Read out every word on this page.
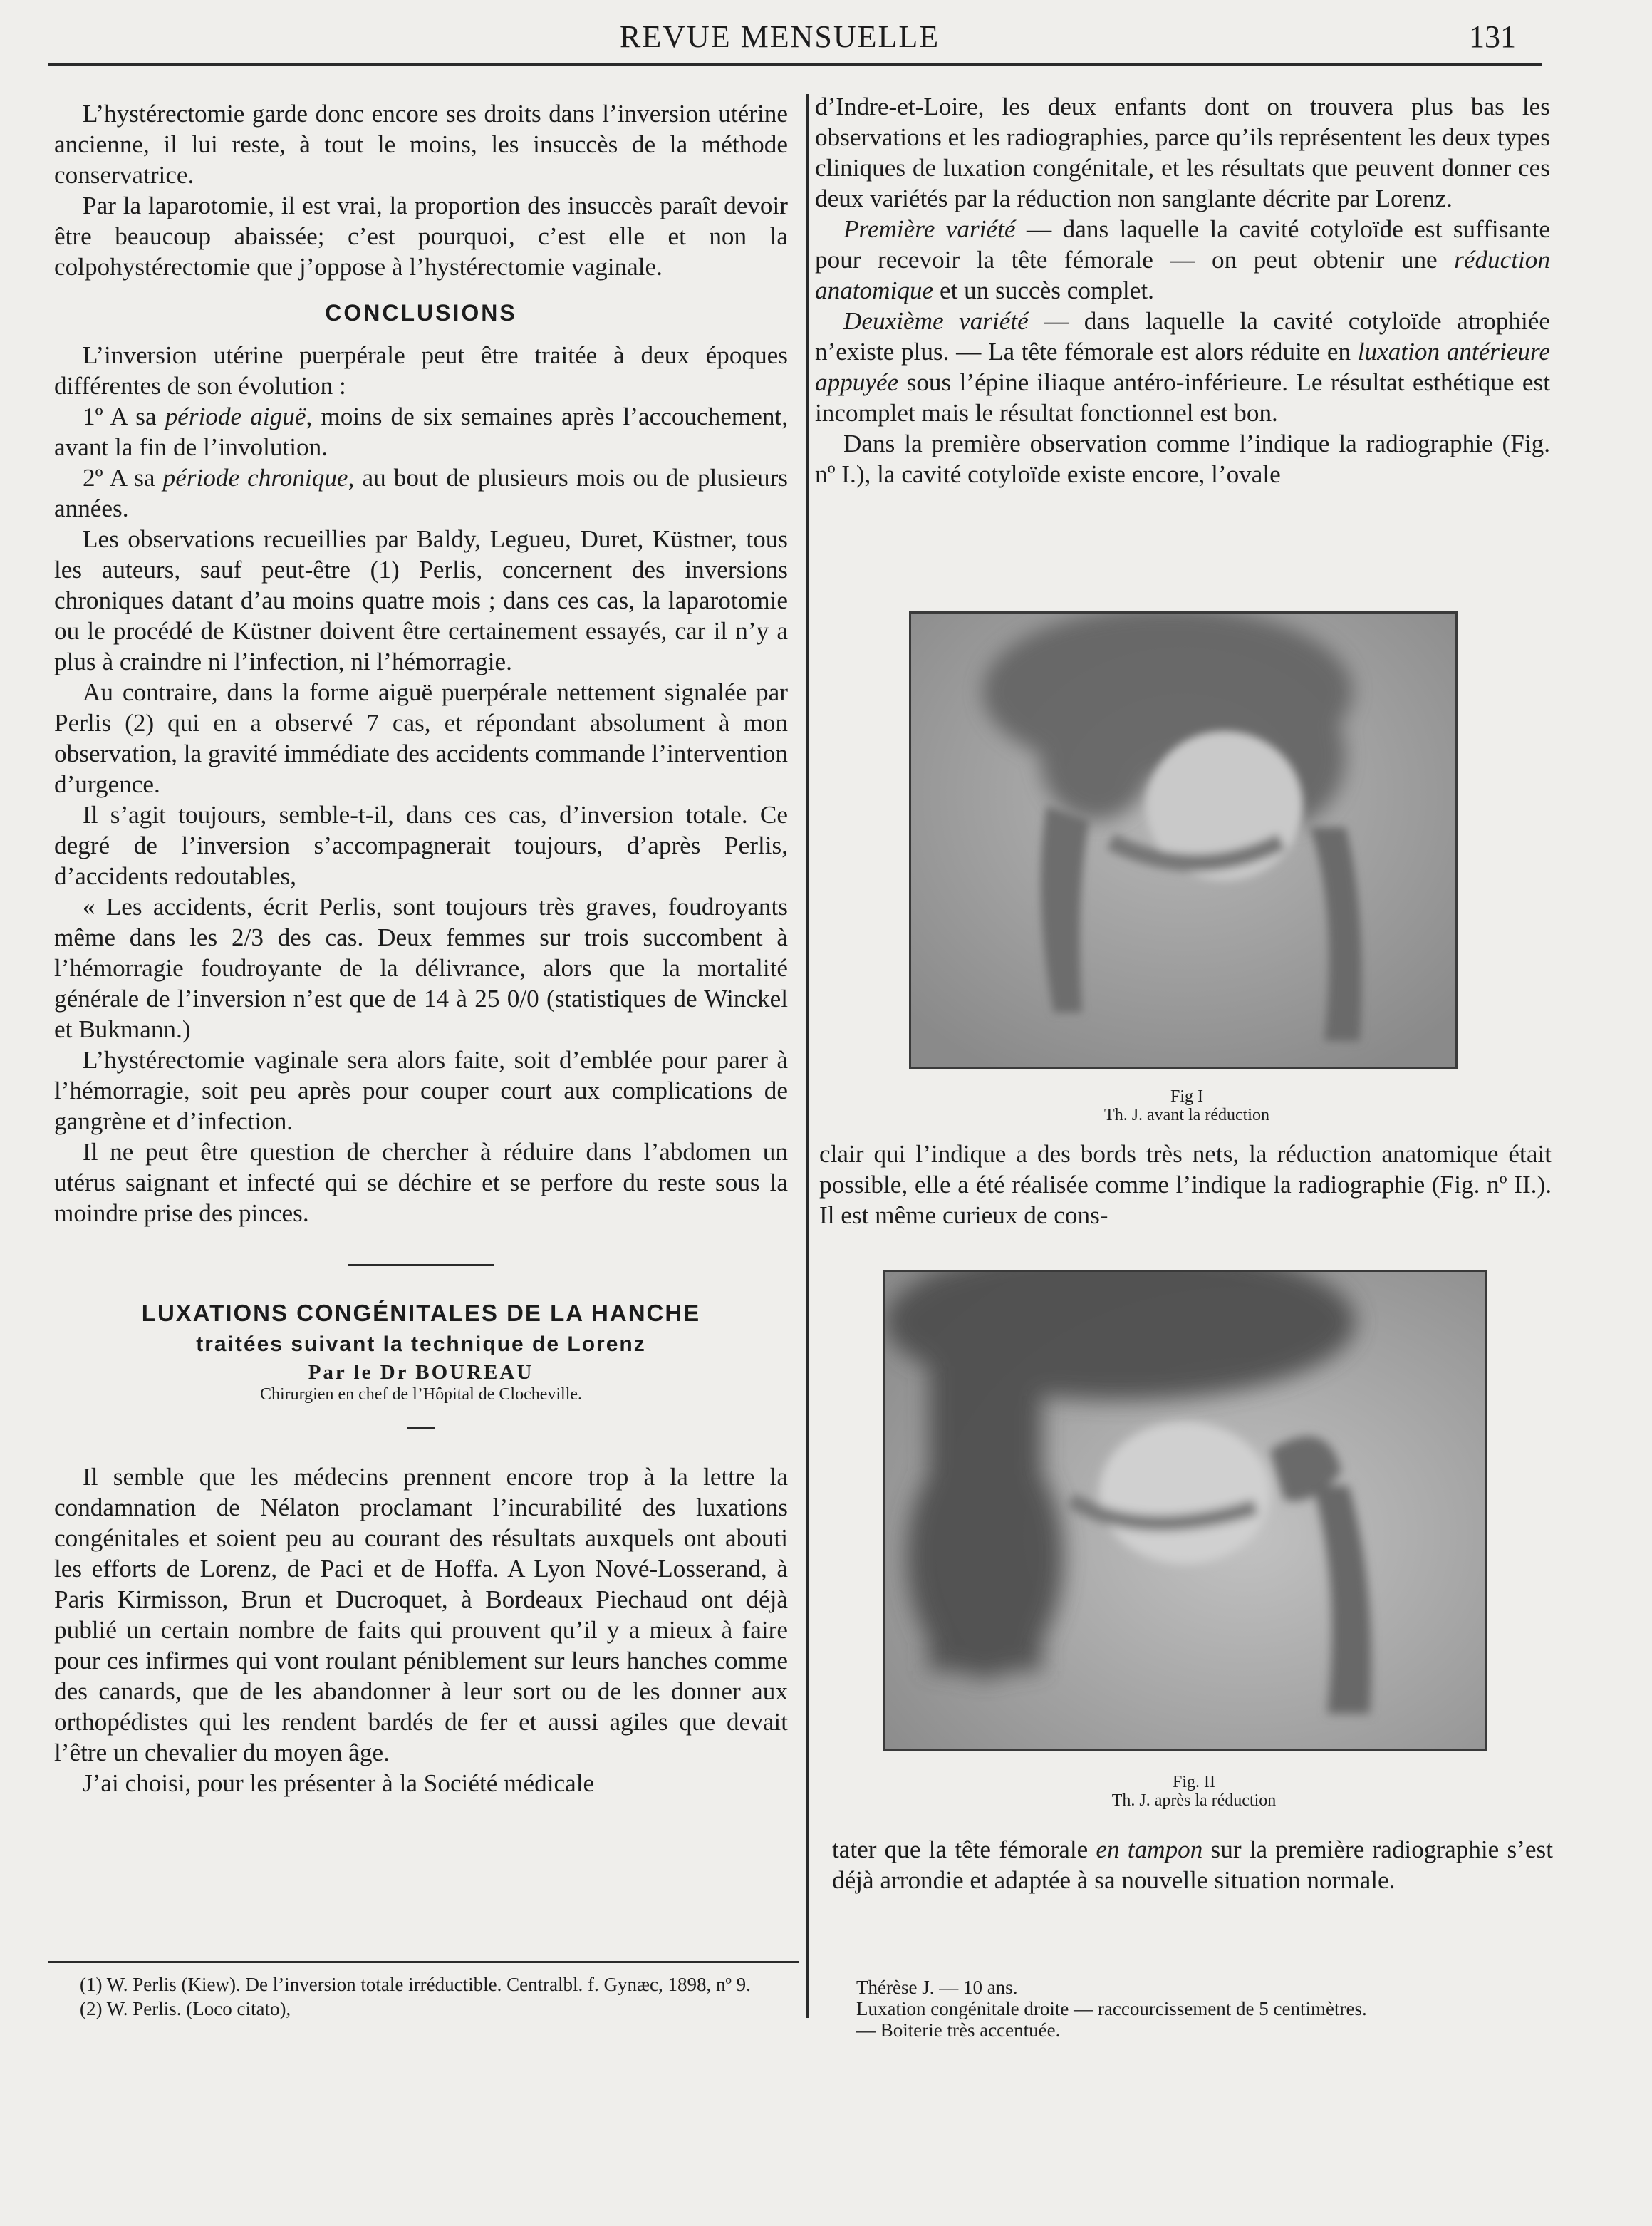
REVUE MENSUELLE	131

L’hystérectomie garde donc encore ses droits dans l’inversion utérine ancienne, il lui reste, à tout le moins, les insuccès de la méthode conservatrice.

Par la laparotomie, il est vrai, la proportion des insuccès paraît devoir être beaucoup abaissée; c’est pourquoi, c’est elle et non la colpohystérectomie que j’oppose à l’hystérectomie vaginale.

CONCLUSIONS

L’inversion utérine puerpérale peut être traitée à deux époques différentes de son évolution :

1º A sa période aiguë, moins de six semaines après l’accouchement, avant la fin de l’involution.

2º A sa période chronique, au bout de plusieurs mois ou de plusieurs années.

Les observations recueillies par Baldy, Legueu, Duret, Küstner, tous les auteurs, sauf peut-être (1) Perlis, concernent des inversions chroniques datant d’au moins quatre mois ; dans ces cas, la laparotomie ou le procédé de Küstner doivent être certainement essayés, car il n’y a plus à craindre ni l’infection, ni l’hémorragie.

Au contraire, dans la forme aiguë puerpérale nettement signalée par Perlis (2) qui en a observé 7 cas, et répondant absolument à mon observation, la gravité immédiate des accidents commande l’intervention d’urgence.

Il s’agit toujours, semble-t-il, dans ces cas, d’inversion totale. Ce degré de l’inversion s’accompagnerait toujours, d’après Perlis, d’accidents redoutables,

« Les accidents, écrit Perlis, sont toujours très graves, foudroyants même dans les 2/3 des cas. Deux femmes sur trois succombent à l’hémorragie foudroyante de la délivrance, alors que la mortalité générale de l’inversion n’est que de 14 à 25 0/0 (statistiques de Winckel et Bukmann.)

L’hystérectomie vaginale sera alors faite, soit d’emblée pour parer à l’hémorragie, soit peu après pour couper court aux complications de gangrène et d’infection.

Il ne peut être question de chercher à réduire dans l’abdomen un utérus saignant et infecté qui se déchire et se perfore du reste sous la moindre prise des pinces.

LUXATIONS CONGÉNITALES DE LA HANCHE
traitées suivant la technique de Lorenz
Par le Dr BOUREAU
Chirurgien en chef de l’Hôpital de Clocheville.

Il semble que les médecins prennent encore trop à la lettre la condamnation de Nélaton proclamant l’incurabilité des luxations congénitales et soient peu au courant des résultats auxquels ont abouti les efforts de Lorenz, de Paci et de Hoffa. A Lyon Nové-Losserand, à Paris Kirmisson, Brun et Ducroquet, à Bordeaux Piechaud ont déjà publié un certain nombre de faits qui prouvent qu’il y a mieux à faire pour ces infirmes qui vont roulant péniblement sur leurs hanches comme des canards, que de les abandonner à leur sort ou de les donner aux orthopédistes qui les rendent bardés de fer et aussi agiles que devait l’être un chevalier du moyen âge.

J’ai choisi, pour les présenter à la Société médicale

(1) W. Perlis (Kiew). De l’inversion totale irréductible. Centralbl. f. Gynæc, 1898, nº 9.

(2) W. Perlis. (Loco citato),

d’Indre-et-Loire, les deux enfants dont on trouvera plus bas les observations et les radiographies, parce qu’ils représentent les deux types cliniques de luxation congénitale, et les résultats que peuvent donner ces deux variétés par la réduction non sanglante décrite par Lorenz.

Première variété — dans laquelle la cavité cotyloïde est suffisante pour recevoir la tête fémorale — on peut obtenir une réduction anatomique et un succès complet.

Deuxième variété — dans laquelle la cavité cotyloïde atrophiée n’existe plus. — La tête fémorale est alors réduite en luxation antérieure appuyée sous l’épine iliaque antéro-inférieure. Le résultat esthétique est incomplet mais le résultat fonctionnel est bon.

Dans la première observation comme l’indique la radiographie (Fig. nº I.), la cavité cotyloïde existe encore, l’ovale

Fig I
Th. J. avant la réduction

clair qui l’indique a des bords très nets, la réduction anatomique était possible, elle a été réalisée comme l’indique la radiographie (Fig. nº II.). Il est même curieux de cons-

Fig. II
Th. J. après la réduction

tater que la tête fémorale en tampon sur la première radiographie s’est déjà arrondie et adaptée à sa nouvelle situation normale.

Thérèse J. — 10 ans.

Luxation congénitale droite — raccourcissement de 5 centimètres.

— Boiterie très accentuée.
